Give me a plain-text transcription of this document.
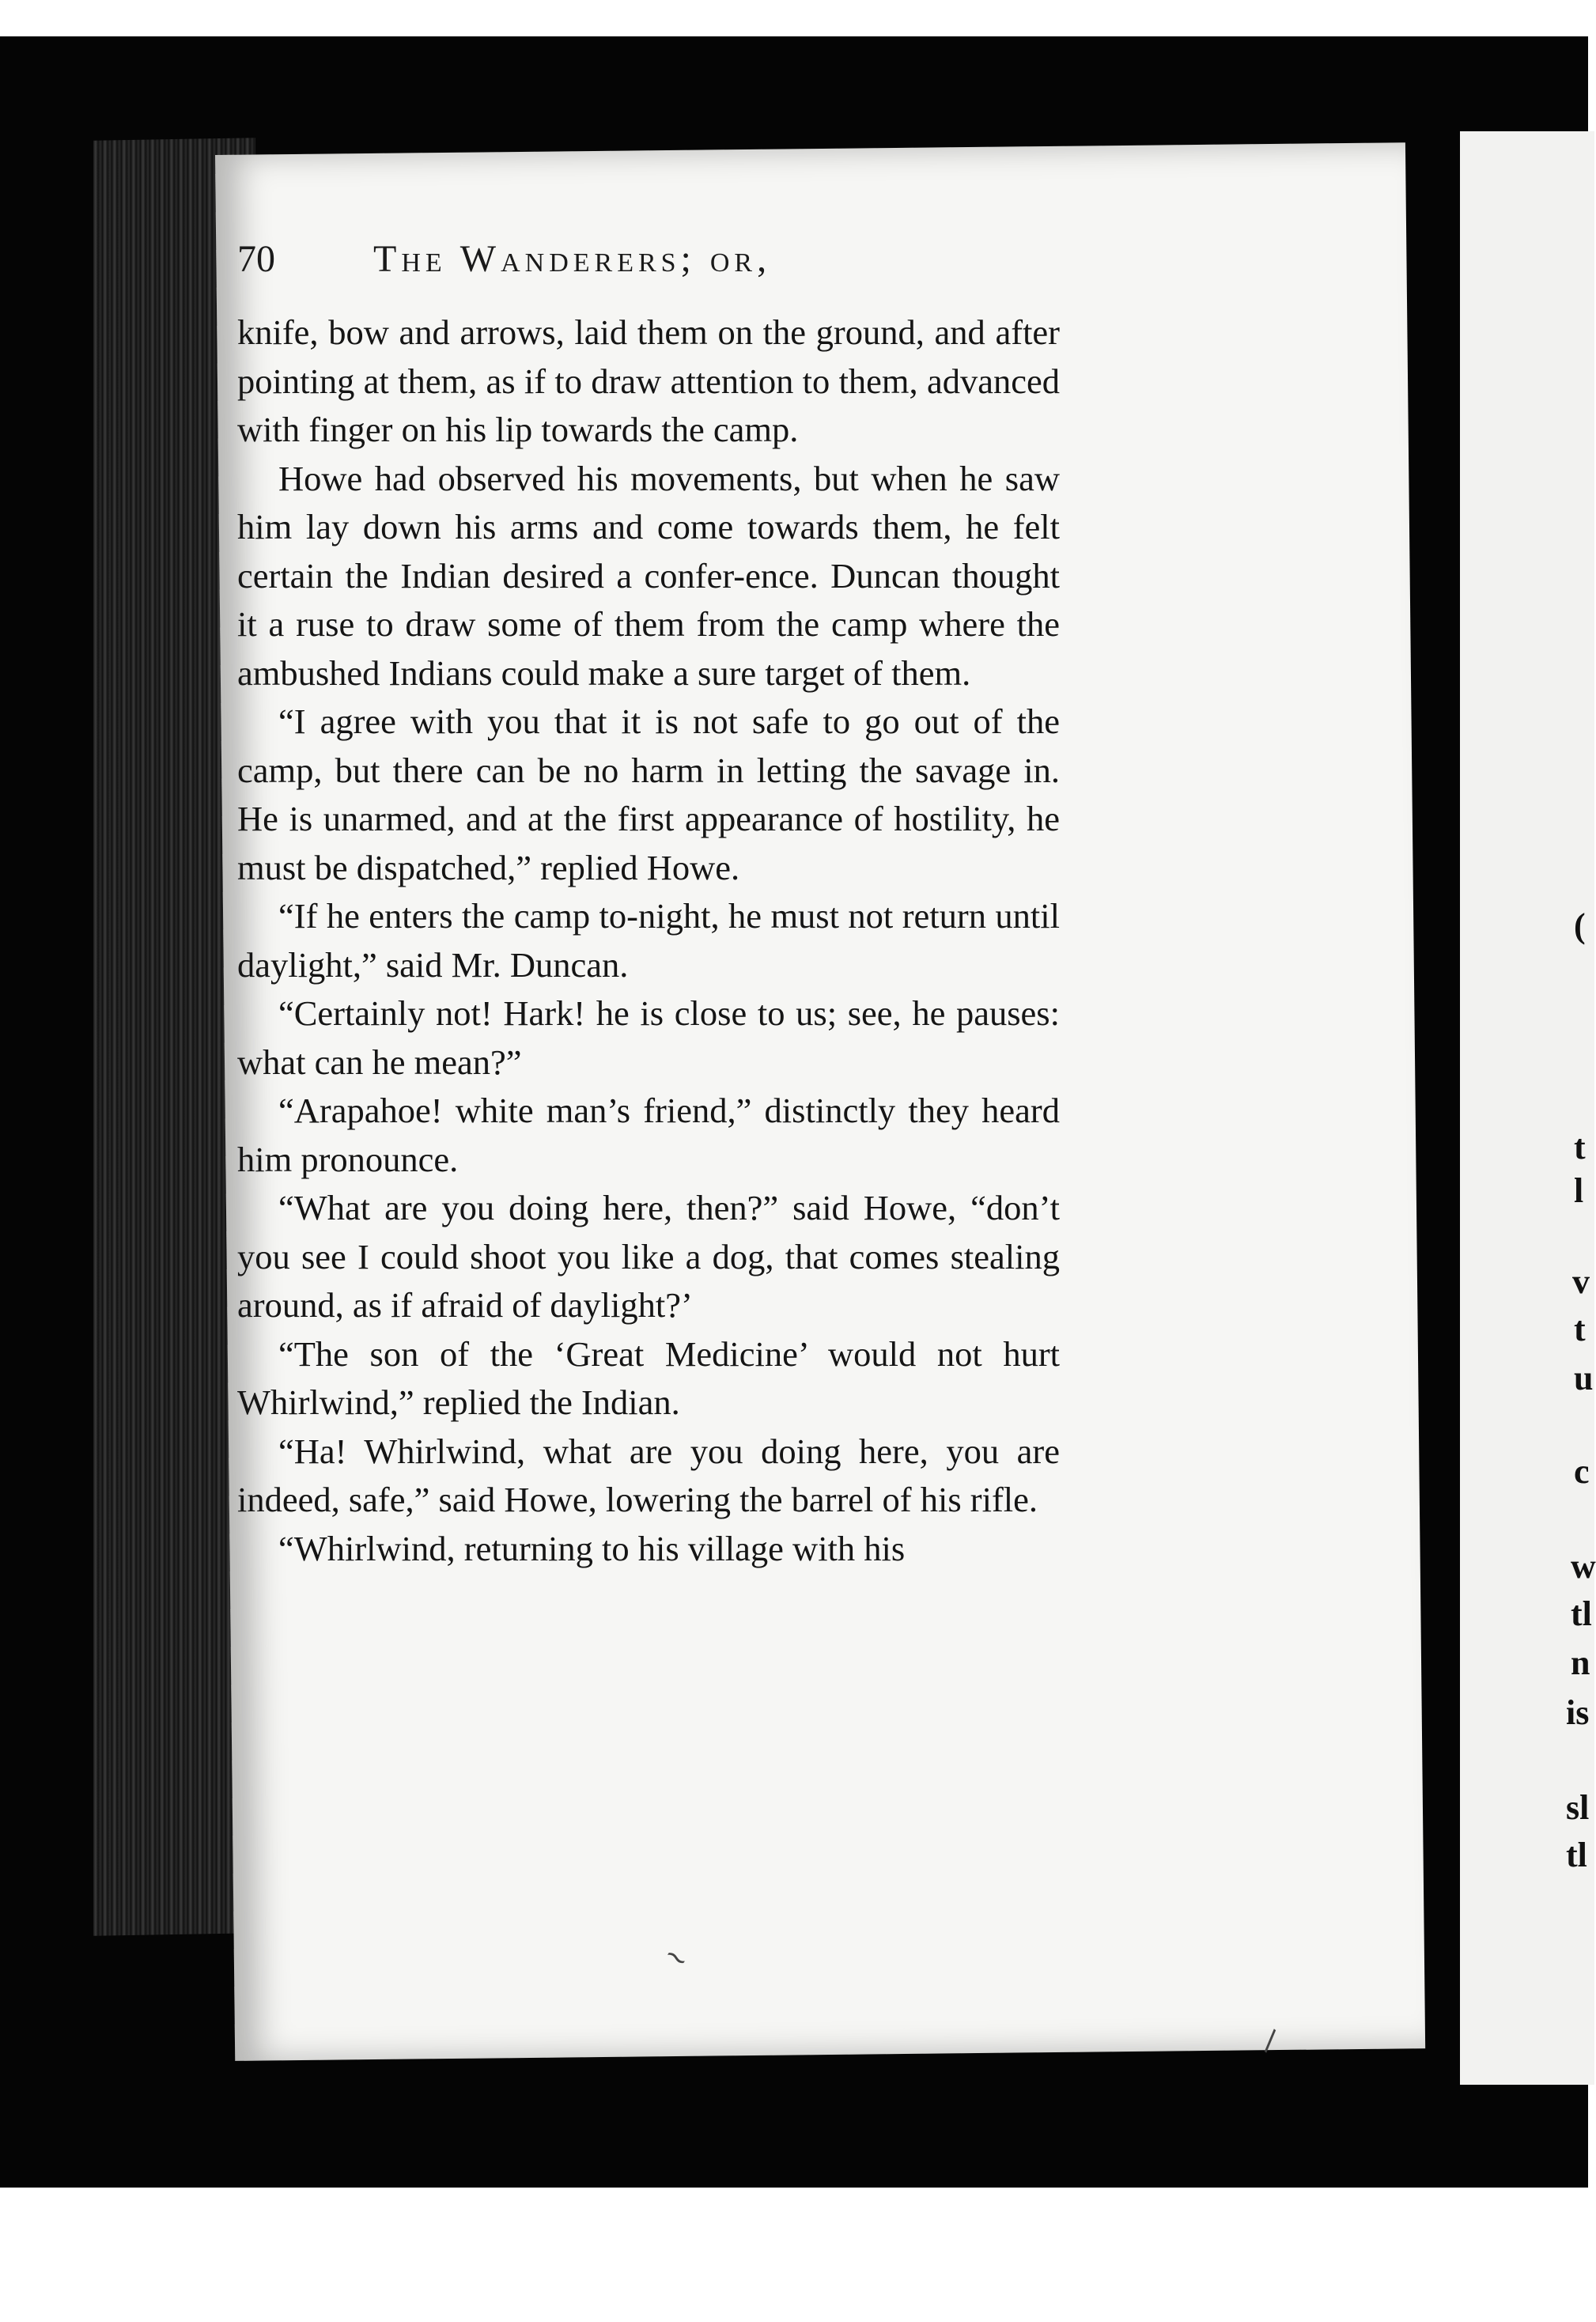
70	The Wanderers; or,

knife, bow and arrows, laid them on the ground, and after pointing at them, as if to draw attention to them, advanced with finger on his lip towards the camp.

Howe had observed his movements, but when he saw him lay down his arms and come towards them, he felt certain the Indian desired a confer-ence. Duncan thought it a ruse to draw some of them from the camp where the ambushed Indians could make a sure target of them.

“I agree with you that it is not safe to go out of the camp, but there can be no harm in letting the savage in. He is unarmed, and at the first appearance of hostility, he must be dispatched,” replied Howe.

“If he enters the camp to-night, he must not return until daylight,” said Mr. Duncan.

“Certainly not! Hark! he is close to us; see, he pauses: what can he mean?”

“Arapahoe! white man’s friend,” distinctly they heard him pronounce.

“What are you doing here, then?” said Howe, “don’t you see I could shoot you like a dog, that comes stealing around, as if afraid of daylight?’

“The son of the ‘Great Medicine’ would not hurt Whirlwind,” replied the Indian.

“Ha! Whirlwind, what are you doing here, you are indeed, safe,” said Howe, lowering the barrel of his rifle.

“Whirlwind, returning to his village with his

(
t
l
v
t
u
c
w
tl
n
is
sl
tl
~
\
